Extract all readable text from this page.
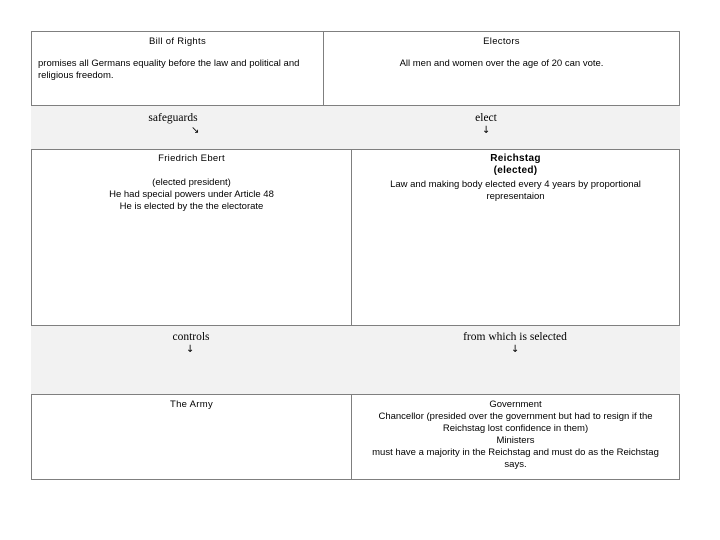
Bill of Rights
promises all Germans equality before the law and political and religious freedom.
Electors
All men and women over the age of 20 can vote.
safeguards
↘
elect
↓
Friedrich Ebert
(elected president)
He had special powers under Article 48
He is elected by the the electorate
Reichstag
(elected)
Law and making body elected every 4 years by proportional representaion
controls
↓
from which is selected
↓
The Army	Government
Chancellor (presided over the government but had to resign if the Reichstag lost confidence in them)
Ministers
must have a majority in the Reichstag and must do as the Reichstag says.
